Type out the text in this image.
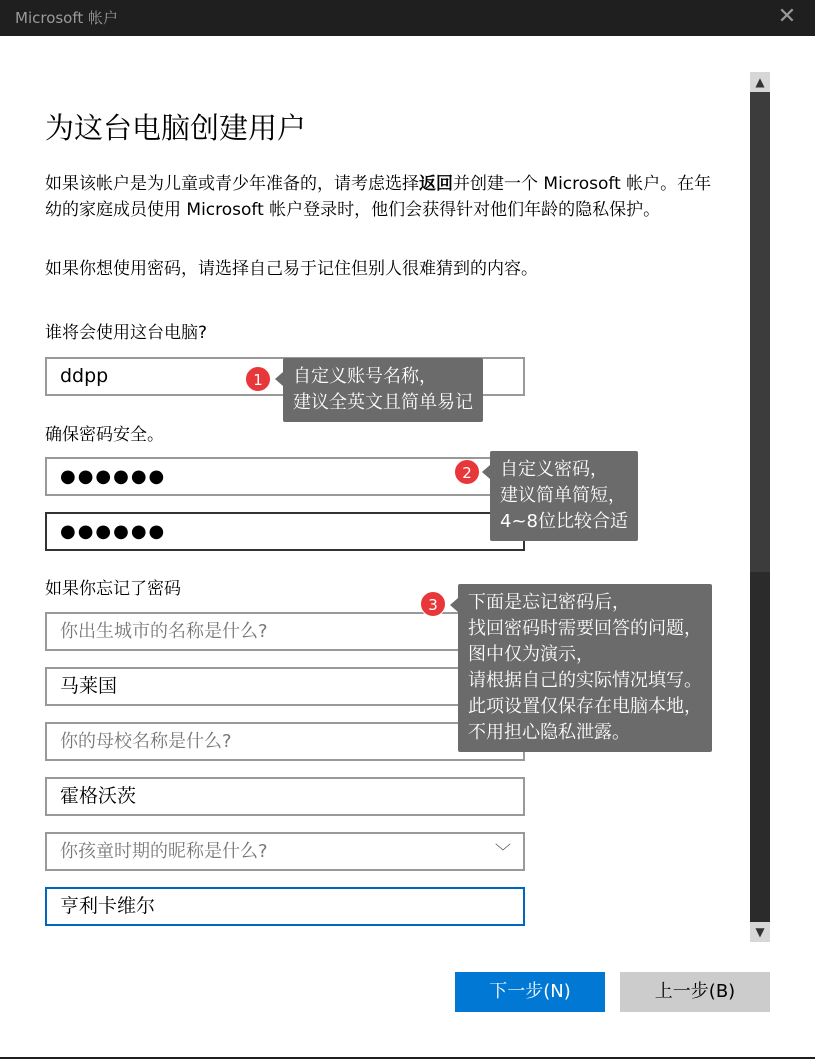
Microsoft 帐户	✕
为这台电脑创建用户
如果该帐户是为儿童或青少年准备的，请考虑选择返回并创建一个 Microsoft 帐户。在年
幼的家庭成员使用 Microsoft 帐户登录时，他们会获得针对他们年龄的隐私保护。
如果你想使用密码，请选择自己易于记住但别人很难猜到的内容。
谁将会使用这台电脑?
ddpp
确保密码安全。
●●●●●●
●●●●●●
如果你忘记了密码
你出生城市的名称是什么?
马莱国
你的母校名称是什么?
霍格沃茨
你孩童时期的昵称是什么?	﹀
亨利卡维尔
▲
▼
1	自定义账号名称，
建议全英文且简单易记
2	自定义密码，
建议简单简短，
4~8位比较合适
3	下面是忘记密码后，
找回密码时需要回答的问题，
图中仅为演示，
请根据自己的实际情况填写。
此项设置仅保存在电脑本地，
不用担心隐私泄露。
下一步(N)	上一步(B)
